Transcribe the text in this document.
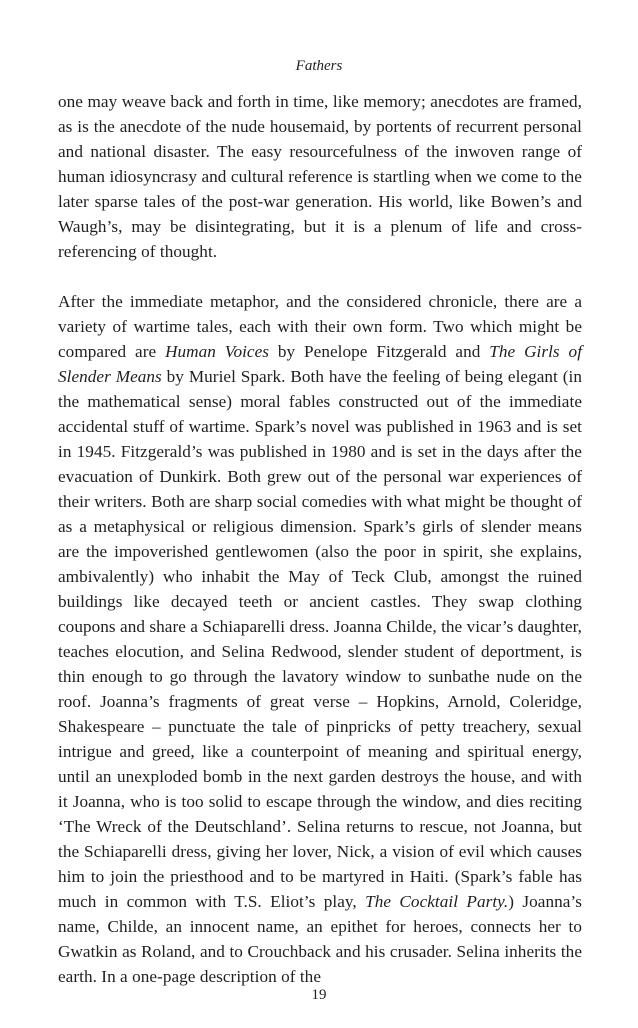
Fathers

one may weave back and forth in time, like memory; anecdotes are framed, as is the anecdote of the nude housemaid, by portents of recurrent personal and national disaster. The easy resourcefulness of the inwoven range of human idiosyncrasy and cultural reference is startling when we come to the later sparse tales of the post-war generation. His world, like Bowen’s and Waugh’s, may be disintegrating, but it is a plenum of life and cross-referencing of thought.

After the immediate metaphor, and the considered chronicle, there are a variety of wartime tales, each with their own form. Two which might be compared are Human Voices by Penelope Fitzgerald and The Girls of Slender Means by Muriel Spark. Both have the feeling of being elegant (in the mathematical sense) moral fables constructed out of the immediate accidental stuff of wartime. Spark’s novel was published in 1963 and is set in 1945. Fitzgerald’s was published in 1980 and is set in the days after the evacuation of Dunkirk. Both grew out of the personal war experiences of their writers. Both are sharp social comedies with what might be thought of as a metaphysical or religious dimension. Spark’s girls of slender means are the impoverished gentlewomen (also the poor in spirit, she explains, ambivalently) who inhabit the May of Teck Club, amongst the ruined buildings like decayed teeth or ancient castles. They swap clothing coupons and share a Schiaparelli dress. Joanna Childe, the vicar’s daughter, teaches elocution, and Selina Redwood, slender student of deportment, is thin enough to go through the lavatory window to sunbathe nude on the roof. Joanna’s fragments of great verse – Hopkins, Arnold, Coleridge, Shakespeare – punctuate the tale of pinpricks of petty treachery, sexual intrigue and greed, like a counterpoint of meaning and spiritual energy, until an unexploded bomb in the next garden destroys the house, and with it Joanna, who is too solid to escape through the window, and dies reciting ‘The Wreck of the Deutschland’. Selina returns to rescue, not Joanna, but the Schiaparelli dress, giving her lover, Nick, a vision of evil which causes him to join the priesthood and to be martyred in Haiti. (Spark’s fable has much in common with T.S. Eliot’s play, The Cocktail Party.) Joanna’s name, Childe, an innocent name, an epithet for heroes, connects her to Gwatkin as Roland, and to Crouchback and his crusader. Selina inherits the earth. In a one-page description of the

19
